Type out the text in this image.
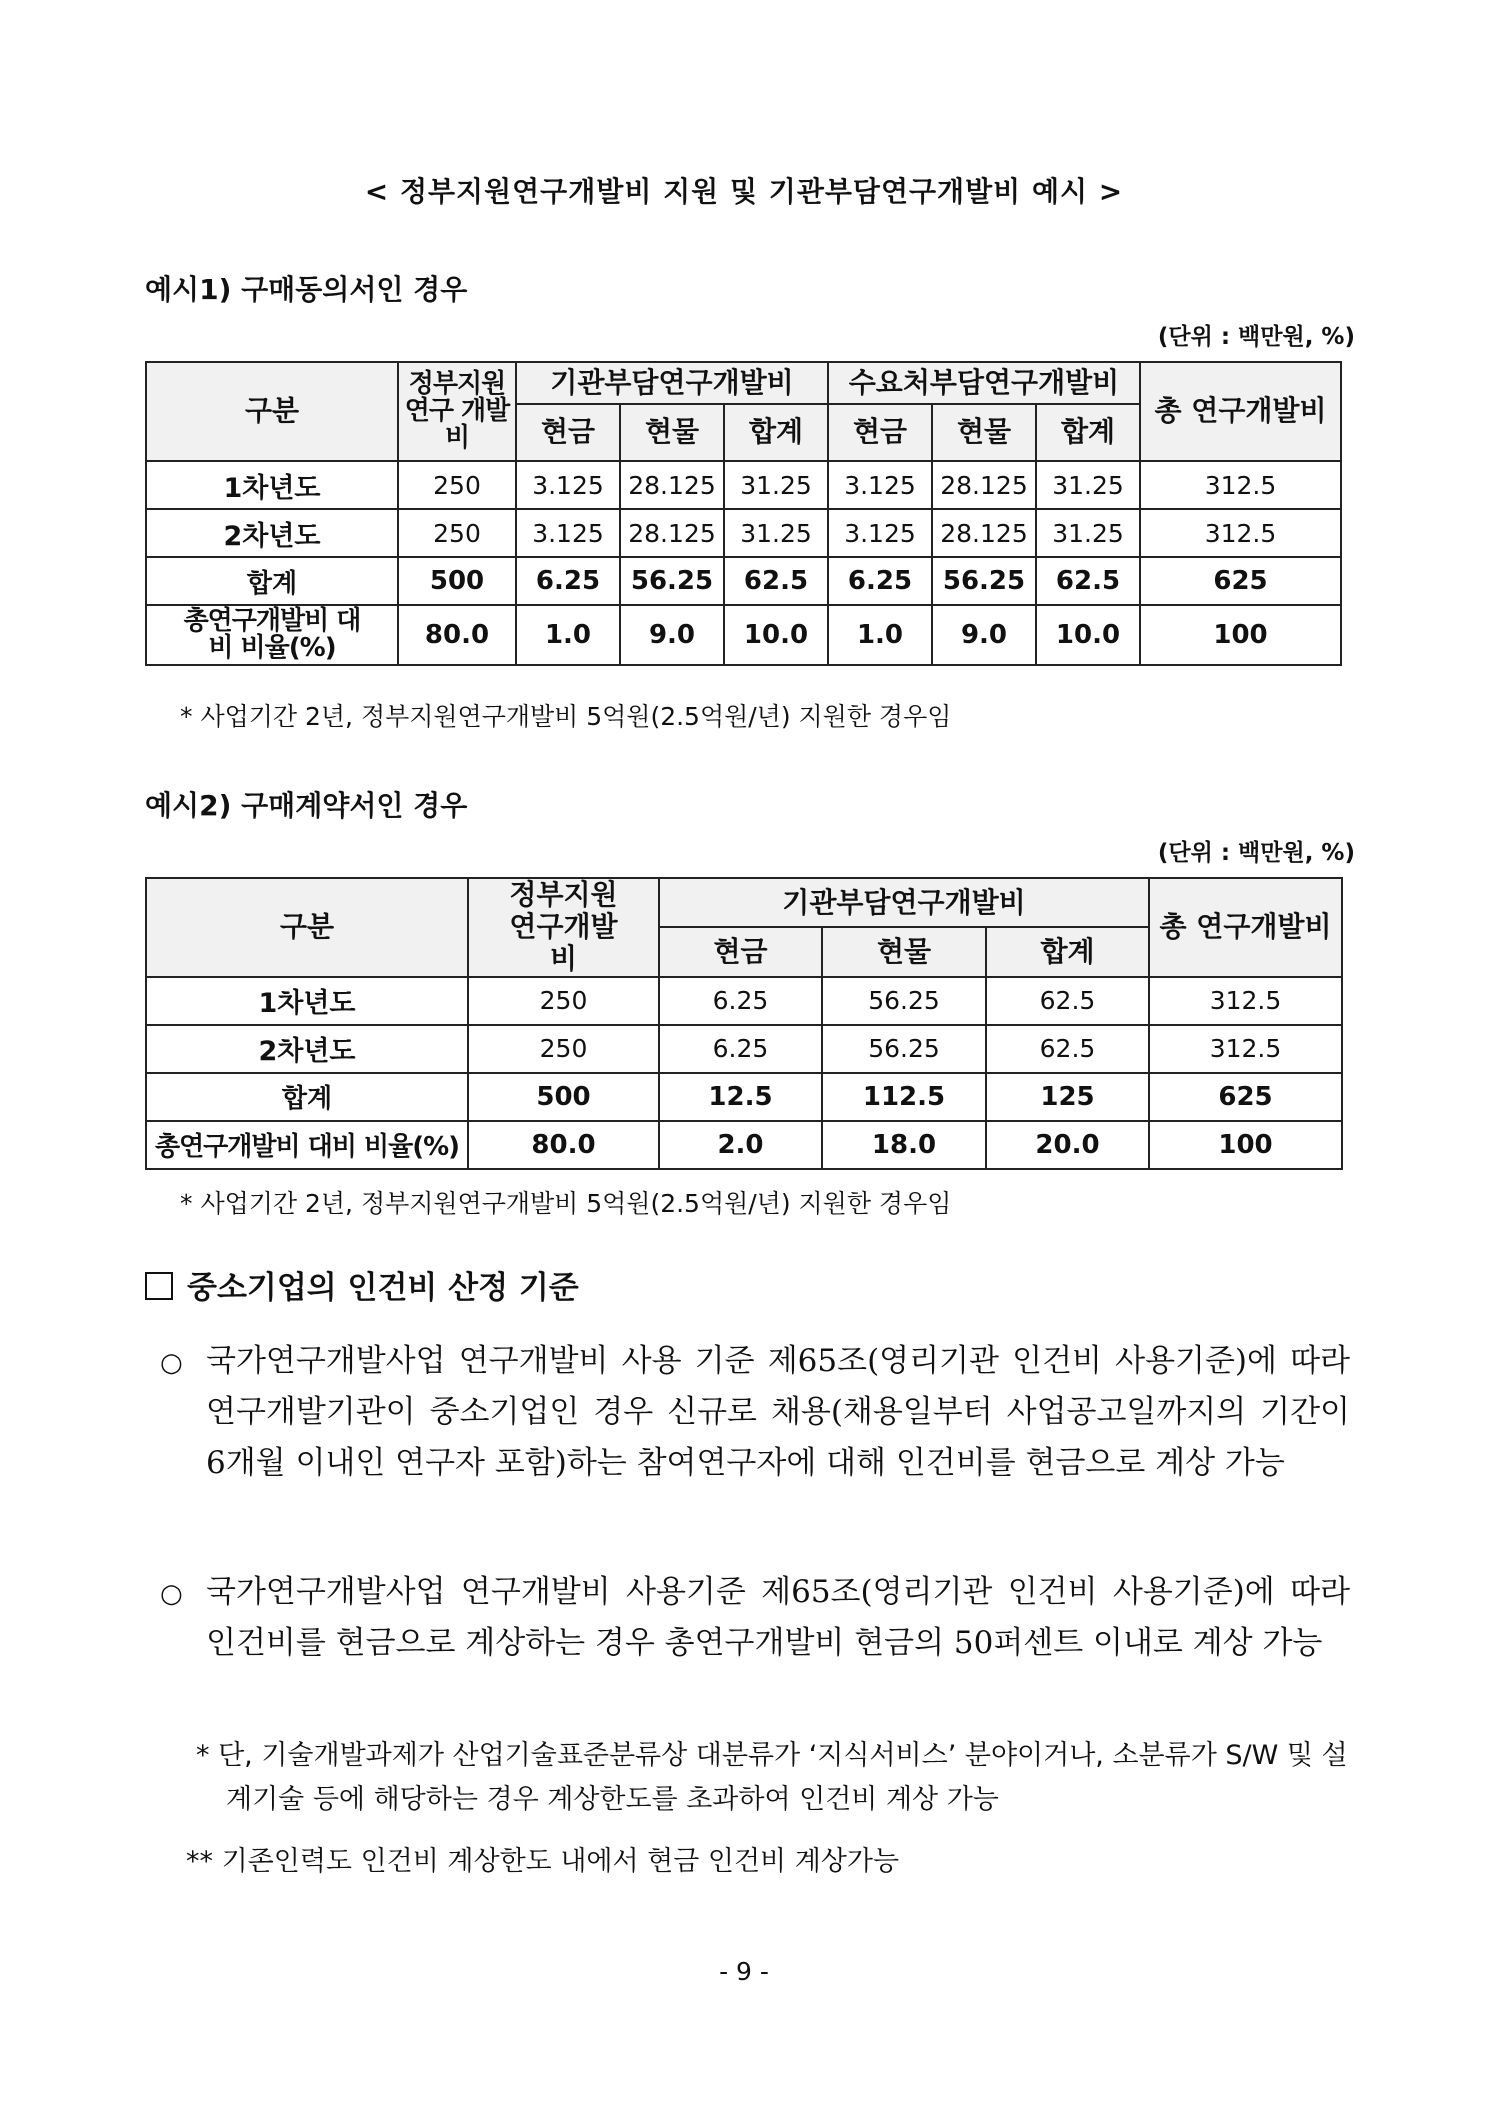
< 정부지원연구개발비 지원 및 기관부담연구개발비 예시 >
예시1) 구매동의서인 경우
(단위 : 백만원, %)
구분	정부지원 연구 개발비	기관부담연구개발비			수요처부담연구개발비			총 연구개발비
		현금	현물	합계	현금	현물	합계	
1차년도	250	3.125	28.125	31.25	3.125	28.125	31.25	312.5
2차년도	250	3.125	28.125	31.25	3.125	28.125	31.25	312.5
합계	500	6.25	56.25	62.5	6.25	56.25	62.5	625
총연구개발비 대비 비율(%)	80.0	1.0	9.0	10.0	1.0	9.0	10.0	100
* 사업기간 2년, 정부지원연구개발비 5억원(2.5억원/년) 지원한 경우임
예시2) 구매계약서인 경우
(단위 : 백만원, %)
구분	정부지원 연구개발비	기관부담연구개발비			총 연구개발비
		현금	현물	합계	
1차년도	250	6.25	56.25	62.5	312.5
2차년도	250	6.25	56.25	62.5	312.5
합계	500	12.5	112.5	125	625
총연구개발비 대비 비율(%)	80.0	2.0	18.0	20.0	100
* 사업기간 2년, 정부지원연구개발비 5억원(2.5억원/년) 지원한 경우임
중소기업의 인건비 산정 기준
○ 국가연구개발사업 연구개발비 사용 기준 제65조(영리기관 인건비 사용기준)에 따라 연구개발기관이 중소기업인 경우 신규로 채용(채용일부터 사업공고일까지의 기간이 6개월 이내인 연구자 포함)하는 참여연구자에 대해 인건비를 현금으로 계상 가능
○ 국가연구개발사업 연구개발비 사용기준 제65조(영리기관 인건비 사용기준)에 따라 인건비를 현금으로 계상하는 경우 총연구개발비 현금의 50퍼센트 이내로 계상 가능
* 단, 기술개발과제가 산업기술표준분류상 대분류가 ‘지식서비스’ 분야이거나, 소분류가 S/W 및 설계기술 등에 해당하는 경우 계상한도를 초과하여 인건비 계상 가능
** 기존인력도 인건비 계상한도 내에서 현금 인건비 계상가능
- 9 -
